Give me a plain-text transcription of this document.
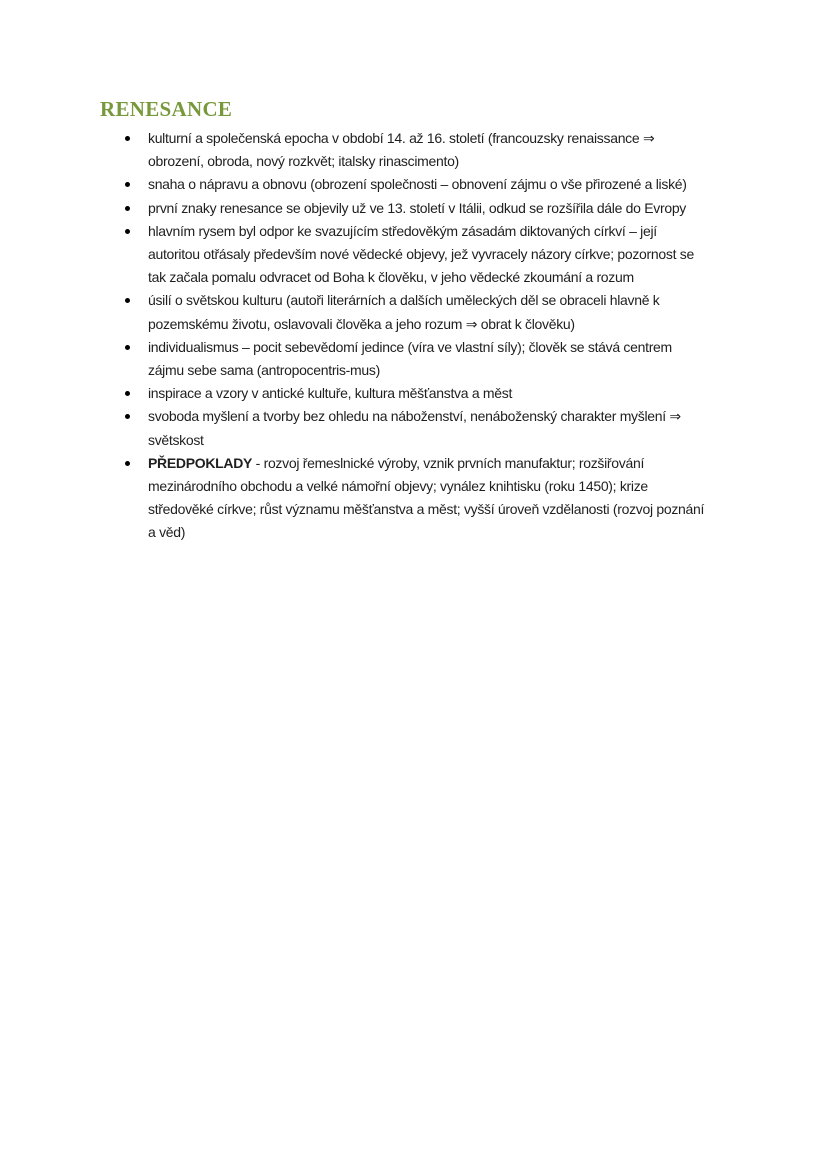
RENESANCE
kulturní a společenská epocha v období 14. až 16. století (francouzsky renaissance ⇒
obrození, obroda, nový rozkvět; italsky rinascimento)
snaha o nápravu a obnovu (obrození společnosti – obnovení zájmu o vše přirozené a liské)
první znaky renesance se objevily už ve 13. století v Itálii, odkud se rozšířila dále do Evropy
hlavním rysem byl odpor ke svazujícím středověkým zásadám diktovaných církví – její
autoritou otřásaly především nové vědecké objevy, jež vyvracely názory církve; pozornost se
tak začala pomalu odvracet od Boha k člověku, v jeho vědecké zkoumání a rozum
úsilí o světskou kulturu (autoři literárních a dalších uměleckých děl se obraceli hlavně k
pozemskému životu, oslavovali člověka a jeho rozum ⇒ obrat k člověku)
individualismus – pocit sebevědomí jedince (víra ve vlastní síly); člověk se stává centrem
zájmu sebe sama (antropocentris-mus)
inspirace a vzory v antické kultuře, kultura měšťanstva a měst
svoboda myšlení a tvorby bez ohledu na náboženství, nenáboženský charakter myšlení ⇒
světskost
PŘEDPOKLADY - rozvoj řemeslnické výroby, vznik prvních manufaktur; rozšiřování
mezinárodního obchodu a velké námořní objevy; vynález knihtisku (roku 1450); krize
středověké církve; růst významu měšťanstva a měst; vyšší úroveň vzdělanosti (rozvoj poznání
a věd)
